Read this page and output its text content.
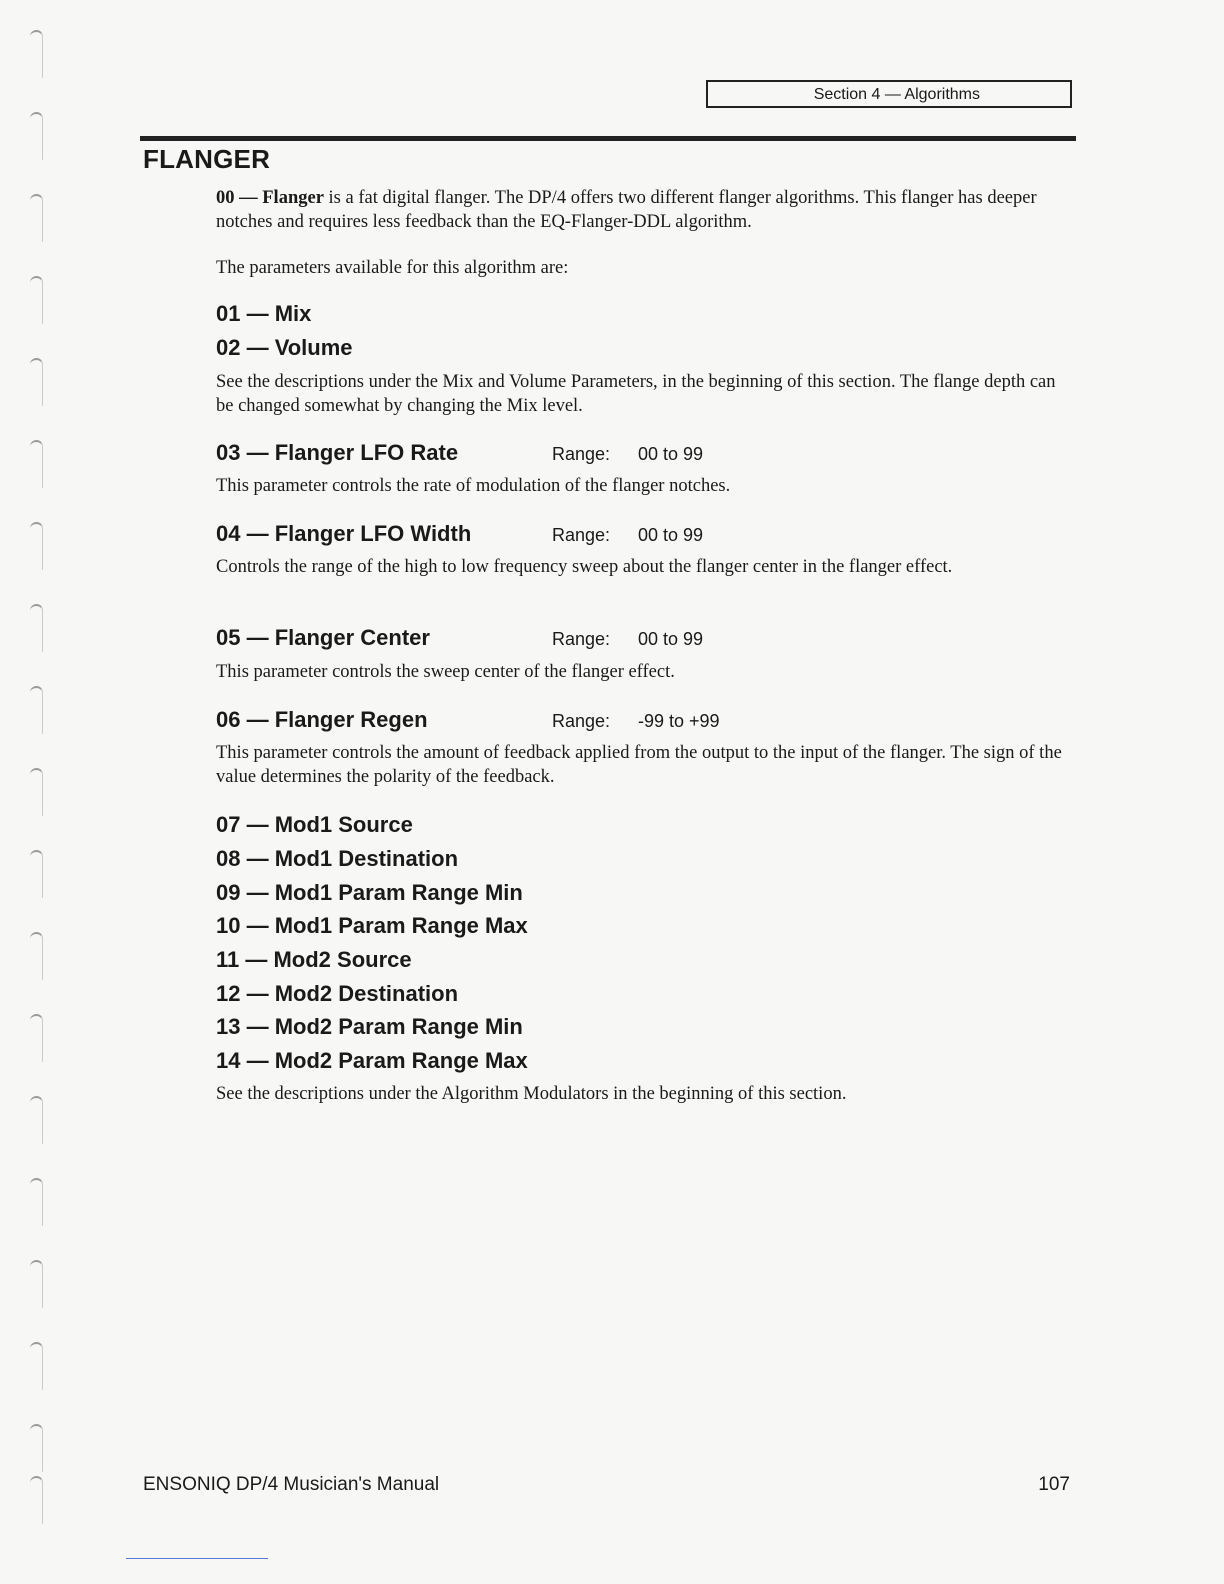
Section 4 — Algorithms
FLANGER

00 — Flanger is a fat digital flanger. The DP/4 offers two different flanger algorithms. This flanger has deeper notches and requires less feedback than the EQ-Flanger-DDL algorithm.

The parameters available for this algorithm are:

01 — Mix
02 — Volume

See the descriptions under the Mix and Volume Parameters, in the beginning of this section. The flange depth can be changed somewhat by changing the Mix level.

03 — Flanger LFO Rate	Range: 00 to 99

This parameter controls the rate of modulation of the flanger notches.

04 — Flanger LFO Width	Range: 00 to 99

Controls the range of the high to low frequency sweep about the flanger center in the flanger effect.

05 — Flanger Center	Range: 00 to 99

This parameter controls the sweep center of the flanger effect.

06 — Flanger Regen	Range: -99 to +99

This parameter controls the amount of feedback applied from the output to the input of the flanger. The sign of the value determines the polarity of the feedback.

07 — Mod1 Source
08 — Mod1 Destination
09 — Mod1 Param Range Min
10 — Mod1 Param Range Max
11 — Mod2 Source
12 — Mod2 Destination
13 — Mod2 Param Range Min
14 — Mod2 Param Range Max

See the descriptions under the Algorithm Modulators in the beginning of this section.

ENSONIQ DP/4 Musician's Manual	107
